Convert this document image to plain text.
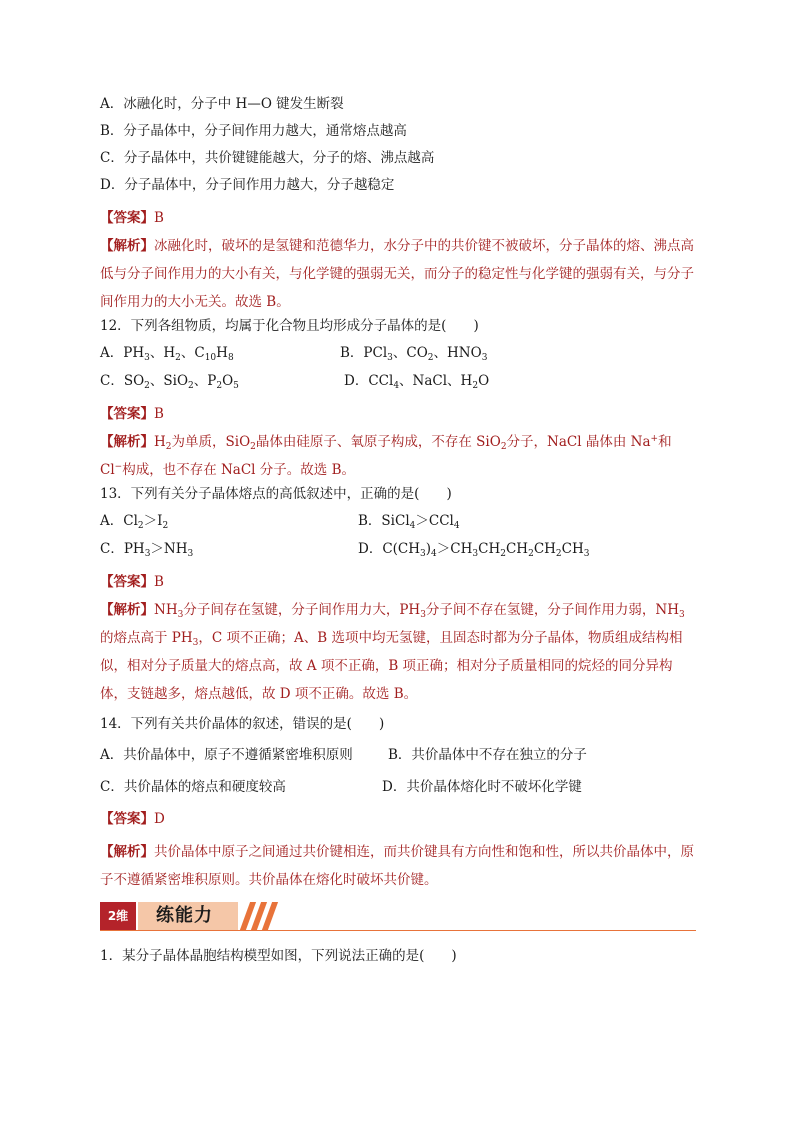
A．冰融化时，分子中 H—O 键发生断裂
B．分子晶体中，分子间作用力越大，通常熔点越高
C．分子晶体中，共价键键能越大，分子的熔、沸点越高
D．分子晶体中，分子间作用力越大，分子越稳定
【答案】B
【解析】冰融化时，破坏的是氢键和范德华力，水分子中的共价键不被破坏，分子晶体的熔、沸点高低与分子间作用力的大小有关，与化学键的强弱无关，而分子的稳定性与化学键的强弱有关，与分子间作用力的大小无关。故选 B。
12．下列各组物质，均属于化合物且均形成分子晶体的是(　　)
A．$PH_3$、$H_2$、$C_{10}H_8$	B．PCl$_3$、$CO_2$、$HNO_3$
C．$SO_2$、SiO$_2$、$P_2O_5$	D．CCl$_4$、NaCl、$H_2O$
【答案】B
【解析】$H_2$为单质，SiO$_2$晶体由硅原子、氧原子构成，不存在 SiO$_2$分子，NaCl 晶体由 Na+和 Cl−构成，也不存在 NaCl 分子。故选 B。
13．下列有关分子晶体熔点的高低叙述中，正确的是(　　)
A．$Cl_2>I_2$	B．SiCl$_4$＞CCl$_4$
C．$PH_3>NH_3$	D．$C(CH_3)_4>CH_3CH_2CH_2CH_2CH_3$
【答案】B
【解析】$NH_3$分子间存在氢键，分子间作用力大，$PH_3$分子间不存在氢键，分子间作用力弱，$NH_3$的熔点高于 $PH_3$，C 项不正确；A、B 选项中均无氢键，且固态时都为分子晶体，物质组成结构相似，相对分子质量大的熔点高，故 A 项不正确，B 项正确；相对分子质量相同的烷烃的同分异构体，支链越多，熔点越低，故 D 项不正确。故选 B。
14．下列有关共价晶体的叙述，错误的是(　　)
A．共价晶体中，原子不遵循紧密堆积原则	B．共价晶体中不存在独立的分子
C．共价晶体的熔点和硬度较高	D．共价晶体熔化时不破坏化学键
【答案】D
【解析】共价晶体中原子之间通过共价键相连，而共价键具有方向性和饱和性，所以共价晶体中，原子不遵循紧密堆积原则。共价晶体在熔化时破坏共价键。
2维	练能力
1．某分子晶体晶胞结构模型如图，下列说法正确的是(　　)
